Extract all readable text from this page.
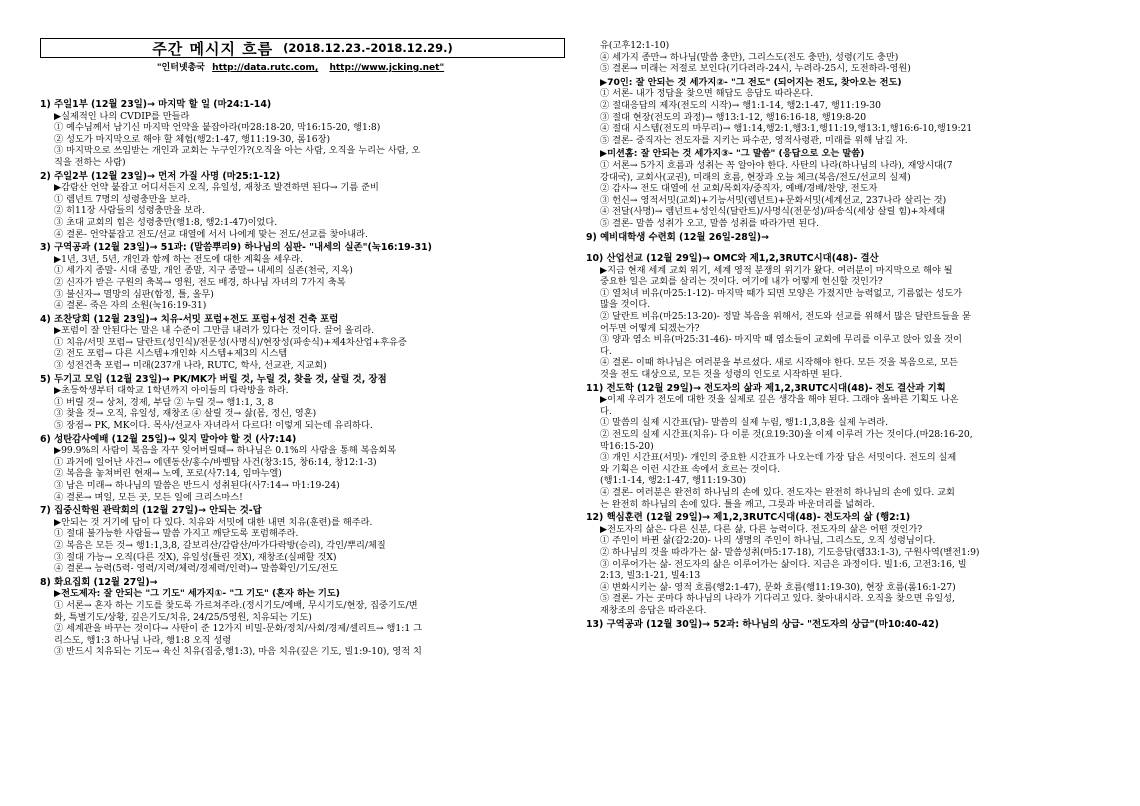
주간 메시지 흐름 (2018.12.23.-2018.12.29.)
"인터넷총국 http://data.rutc.com, http://www.jcking.net"
1) 주일1부 (12월 23일)→ 마지막 할 일 (마24:1-14)
▶실제적인 나의 CVDIP를 만들라
① 예수님께서 남기신 마지막 언약을 붙잡아라(마28:18-20, 막16:15-20, 행1:8)
② 성도가 마지막으로 해야 할 체험(행2:1-47, 행11:19-30, 롬16장)
③ 마지막으로 쓰임받는 개인과 교회는 누구인가?(오직을 아는 사람, 오직을 누리는 사람, 오
직을 전하는 사람)
2) 주일2부 (12월 23일)→ 먼저 가질 사명 (마25:1-12)
▶감람산 언약 붙잡고 어디서든지 오직, 유일성, 재창조 발견하면 된다→ 기름 준비
① 렘넌트 7명의 성령충만을 보라.
② 히11장 사람들의 성령충만을 보라.
③ 초대 교회의 힘은 성령충만(행1:8, 행2:1-47)이었다.
④ 결론- 언약붙잡고 전도/선교 대열에 서서 나에게 맞는 전도/선교를 찾아내라.
3) 구역공과 (12월 23일)→ 51과: (말씀뿌리9) 하나님의 심판- "내세의 실존"(눅16:19-31)
▶1년, 3년, 5년, 개인과 함께 하는 전도에 대한 계획을 세우라.
① 세가지 종말- 시대 종말, 개인 종말, 지구 종말→ 내세의 실존(천국, 지옥)
② 신자가 받은 구원의 축복→ 영원, 전도 배경, 하나님 자녀의 7가지 축복
③ 불신자→ 멸망의 심판(함정, 틀, 올무)
④ 결론- 죽은 자의 소원(눅16:19-31)
4) 조찬당회 (12월 23일)→ 치유-서밋 포럼+전도 포럼+성전 건축 포럼
▶포럼이 잘 안된다는 말은 내 수준이 그만큼 내려가 있다는 것이다. 끌어 올리라.
① 치유/서밋 포럼→ 달란트(성인식)/전문성(사명식)/현장성(파송식)+제4차산업+후유증
② 전도 포럼→ 다른 시스템+개인화 시스템+제3의 시스템
③ 성전건축 포럼→ 미래(237개 나라, RUTC, 학사, 선교관, 지교회)
5) 두기고 모임 (12월 23일)→ PK/MK가 버릴 것, 누릴 것, 찾을 것, 살릴 것, 장점
▶초등학생부터 대학교 1학년까지 아이들의 다락방을 하라.
① 버릴 것→ 상처, 경제, 부담 ② 누릴 것→ 행1:1, 3, 8
③ 찾을 것→ 오직, 유일성, 재창조 ④ 살릴 것→ 삶(몸, 정신, 영혼)
⑤ 장점→ PK, MK이다. 목사/선교사 자녀라서 다르다! 이렇게 되는데 유리하다.
6) 성탄감사예배 (12월 25일)→ 잊지 말아야 할 것 (사7:14)
▶99.9%의 사람이 복음을 자꾸 잊어버릴때→ 하나님은 0.1%의 사람을 통해 복음회복
① 과거에 일어난 사건→ 에덴동산/홍수/바벨탑 사건(창3:15, 창6:14, 창12:1-3)
② 복음을 놓쳐버린 현재→ 노예, 포로(사7:14, 임마누엘)
③ 남은 미래→ 하나님의 말씀은 반드시 성취된다(사7:14→ 마1:19-24)
④ 결론→ 며일, 모든 곳, 모든 일에 크리스마스!
7) 집중신학원 관락회의 (12월 27일)→ 안되는 것-답
▶안되는 것 거기에 답이 다 있다. 치유와 서밋에 대한 내면 치유(훈련)를 해주라.
① 절대 불가능한 사람들→ 말씀 가지고 깨닫도록 포럼해주라.
② 복음은 모든 것→ 행1:1,3,8, 갈보리산/감람산/마가다락방(승리), 각인/뿌리/체질
③ 절대 가능→ 오직(다른 것X), 유일성(틀린 것X), 재창조(실패할 것X)
④ 결론→ 능력(5력- 영력/지력/체력/경제력/인력)→ 말씀확인/기도/전도
8) 화요집회 (12월 27일)→
▶전도제자: 잘 안되는 "그 기도" 세가지①- "그 기도" (혼자 하는 기도)
① 서론→ 혼자 하는 기도를 찾도록 가르쳐주라.(정시기도/예배, 무시기도/현장, 집중기도/변
화, 특별기도/상황, 깊은기도/치유, 24/25/5영원, 치유되는 기도)
② 세계관을 바꾸는 것이다→ 사탄이 준 12가지 비밀-문화/정치/사회/경제/셀리트→ 행1:1 그
리스도, 행1:3 하나님 나라, 행1:8 오직 성령
③ 반드시 치유되는 기도→ 육신 치유(집중,행1:3), 마음 치유(깊은 기도, 빌1:9-10), 영적 치
유(고후12:1-10)
④ 세가지 종만→ 하나님(말씀 충만), 그리스도(전도 충만), 성령(기도 충만)
⑤ 결론→ 미래는 저절로 보인다(기다려라-24시, 누려라-25시, 도전하라-영원)
▶70인: 잘 안되는 것 세가지②- "그 전도" (되어지는 전도, 찾아오는 전도)
① 서론- 내가 정답을 찾으면 해답도 응답도 따라온다.
② 절대응답의 제자(전도의 시작)→ 행1:1-14, 행2:1-47, 행11:19-30
③ 절대 현장(전도의 과정)→ 행13:1-12, 행16:16-18, 행19:8-20
④ 절대 시스템(전도의 마무리)→ 행1:14,행2:1,행3:1,행11:19,행13:1,행16:6-10,행19:21
⑤ 결론- 중직자는 전도자를 지키는 파수꾼, 영적사령관, 미래를 위해 남길 자.
▶미션홈: 잘 안되는 것 세가지③- "그 말씀" (응답으로 오는 말씀)
① 서론→ 5가지 흐름과 성취는 꼭 알아야 한다. 사탄의 나라(하나님의 나라), 재앙시대(7
강대국), 교회사(교권), 미래의 흐름, 현장과 오늘 체크(복음/전도/선교의 실제)
② 감사→ 전도 대열에 선 교회/목회자/중직자, 예배/경배/찬양, 전도자
③ 헌신→ 영적서밋(교회)+기능서밋(렘넌트)+문화서밋(세계선교, 237나라 살리는 것)
④ 전달(사명)→ 렘넌트+성인식(달란트)/사명식(전문성)/파송식(세상 살릴 힘)+차세대
⑤ 결론- 말씀 성취가 오고, 말씀 성취를 따라가면 된다.
9) 예비대학생 수련회 (12월 26일-28일)→
10) 산업선교 (12월 29일)→ OMC와 제1,2,3RUTC시대(48)- 결산
▶지금 현재 세계 교회 위기, 세계 영적 분쟁의 위기가 왔다. 여러분이 마지막으로 해야 될
중요한 일은 교회를 살리는 것이다. 여기에 내가 어떻게 헌신할 것인가?
① 열처녀 비유(마25:1-12)- 마지막 때가 되면 모양은 가졌지만 능력없고, 기름없는 성도가
많을 것이다.
② 달란트 비유(마25:13-20)- 정말 복음을 위해서, 전도와 선교를 위해서 많은 달란트들을 묻
어두면 어떻게 되겠는가?
③ 양과 염소 비유(마25:31-46)- 마지막 때 염소들이 교회에 무리를 이루고 앉아 있을 것이
다.
④ 결론- 이때 하나님은 여러분을 부르셨다. 새로 시작해야 한다. 모든 것을 복음으로, 모든
것을 전도 대상으로, 모든 것을 성령의 인도로 시작하면 된다.
11) 전도학 (12월 29일)→ 전도자의 삶과 제1,2,3RUTC시대(48)- 전도 결산과 기획
▶이제 우리가 전도에 대한 것을 실제로 깊은 생각을 해야 된다. 그래야 올바른 기획도 나온
다.
① 말씀의 실제 시간표(답)- 말씀의 실제 누림, 행1:1,3,8을 실제 누려라.
② 전도의 실제 시간표(치유)- 다 이룬 것(요19:30)을 이제 이루러 가는 것이다.(마28:16-20,
막16:15-20)
③ 개인 시간표(서밋)- 개인의 중요한 시간표가 나오는데 가장 답은 서밋이다. 전도의 실제
와 기획은 이런 시간표 속에서 흐르는 것이다.
(행1:1-14, 행2:1-47, 행11:19-30)
④ 결론- 여러분은 완전히 하나님의 손에 있다. 전도자는 완전히 하나님의 손에 있다. 교회
는 완전히 하나님의 손에 있다. 틀을 깨고, 그릇과 바운더리를 넓혀라.
12) 핵심훈련 (12월 29일)→ 제1,2,3RUTC시대(48)- 전도자의 삶 (행2:1)
▶전도자의 삶은- 다른 신분, 다른 삶, 다른 능력이다. 전도자의 삶은 어떤 것인가?
① 주인이 바뀐 삶(갈2:20)- 나의 생명의 주인이 하나님, 그리스도, 오직 성령님이다.
② 하나님의 것을 따라가는 삶- 말씀성취(마5:17-18), 기도응답(렘33:1-3), 구원사역(벧전1:9)
③ 이루어가는 삶- 전도자의 삶은 이루어가는 삶이다. 지금은 과정이다. 빌1:6, 고전3:16, 빌
2:13, 빌3:1-21, 빌4:13
④ 변화시키는 삶- 영적 흐름(행2:1-47), 문화 흐름(행11:19-30), 현장 흐름(롬16:1-27)
⑤ 결론- 가는 곳마다 하나님의 나라가 기다리고 있다. 찾아내시라. 오직을 찾으면 유일성,
재창조의 응답은 따라온다.
13) 구역공과 (12월 30일)→ 52과: 하나님의 상급- "전도자의 상급"(마10:40-42)
